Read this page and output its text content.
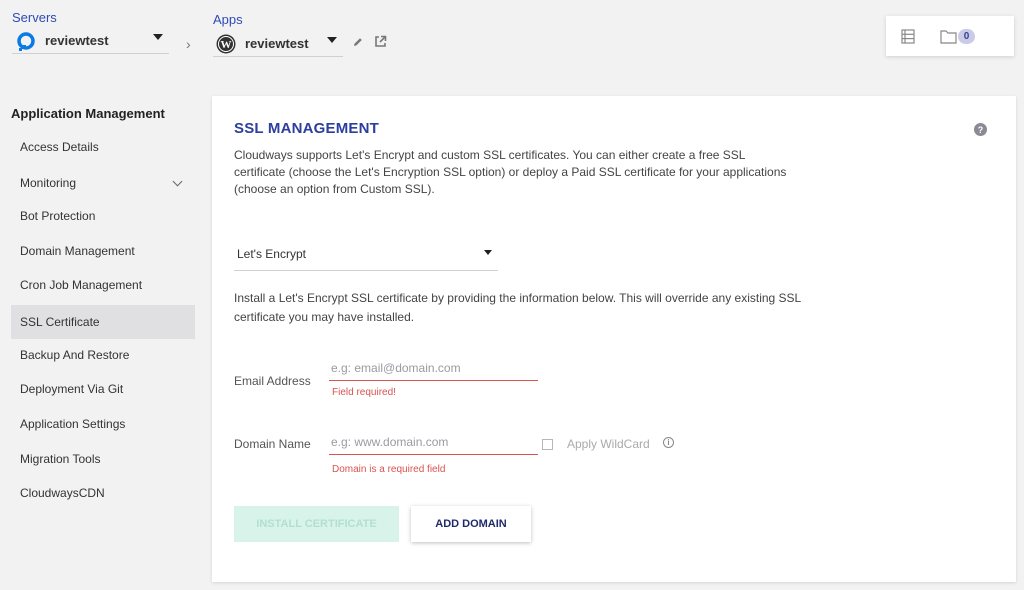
Servers
reviewtest	›
Apps
W reviewtest	0
Application Management
Access Details
Monitoring
Bot Protection
Domain Management
Cron Job Management
SSL Certificate
Backup And Restore
Deployment Via Git
Application Settings
Migration Tools
CloudwaysCDN
SSL MANAGEMENT	?
Cloudways supports Let's Encrypt and custom SSL certificates. You can either create a free SSL certificate (choose the Let's Encryption SSL option) or deploy a Paid SSL certificate for your applications (choose an option from Custom SSL).
Let's Encrypt
Install a Let's Encrypt SSL certificate by providing the information below. This will override any existing SSL certificate you may have installed.
Email Address
e.g: email@domain.com
Field required!
Domain Name
e.g: www.domain.com
Domain is a required field
Apply WildCard	i
INSTALL CERTIFICATE	ADD DOMAIN
